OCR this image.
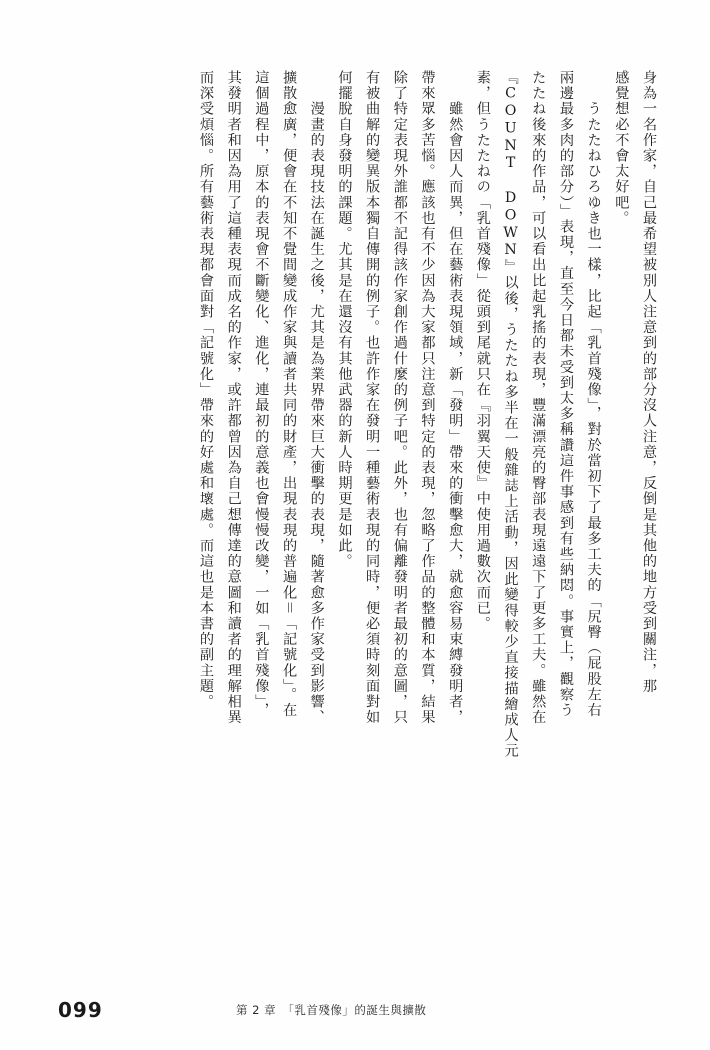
身為一名作家，自己最希望被別人注意到的部分沒人注意，反倒是其他的地方受到關注，那
感覺想必不會太好吧。
　　うたたねひろゆき也一樣，比起「乳首殘像」，對於當初下了最多工夫的「尻臀（屁股左右
兩邊最多肉的部分）」表現，直至今日都未受到太多稱讚這件事感到有些納悶。事實上，觀察う
たたね後來的作品，可以看出比起乳搖的表現，豐滿漂亮的臀部表現遠遠下了更多工夫。雖然在
『COUNT DOWN』以後，うたたね多半在一般雜誌上活動，因此變得較少直接描繪成人元
素，但うたたねの「乳首殘像」從頭到尾就只在『羽翼天使』中使用過數次而已。
　　雖然會因人而異，但在藝術表現領域，新「發明」帶來的衝擊愈大，就愈容易束縛發明者，
帶來眾多苦惱。應該也有不少因為大家都只注意到特定的表現，忽略了作品的整體和本質，結果
除了特定表現外誰都不記得該作家創作過什麼的例子吧。此外，也有偏離發明者最初的意圖，只
有被曲解的變異版本獨自傳開的例子。也許作家在發明一種藝術表現的同時，便必須時刻面對如
何擺脫自身發明的課題。尤其是在還沒有其他武器的新人時期更是如此。
　　漫畫的表現技法在誕生之後，尤其是為業界帶來巨大衝擊的表現，隨著愈多作家受到影響、
擴散愈廣，便會在不知不覺間變成作家與讀者共同的財產，出現表現的普遍化＝「記號化」。在
這個過程中，原本的表現會不斷變化、進化，連最初的意義也會慢慢改變，一如「乳首殘像」，
其發明者和因為用了這種表現而成名的作家，或許都曾因為自己想傳達的意圖和讀者的理解相異
而深受煩惱。所有藝術表現都會面對「記號化」帶來的好處和壞處。而這也是本書的副主題。
099	第 2 章　「乳首殘像」的誕生與擴散
